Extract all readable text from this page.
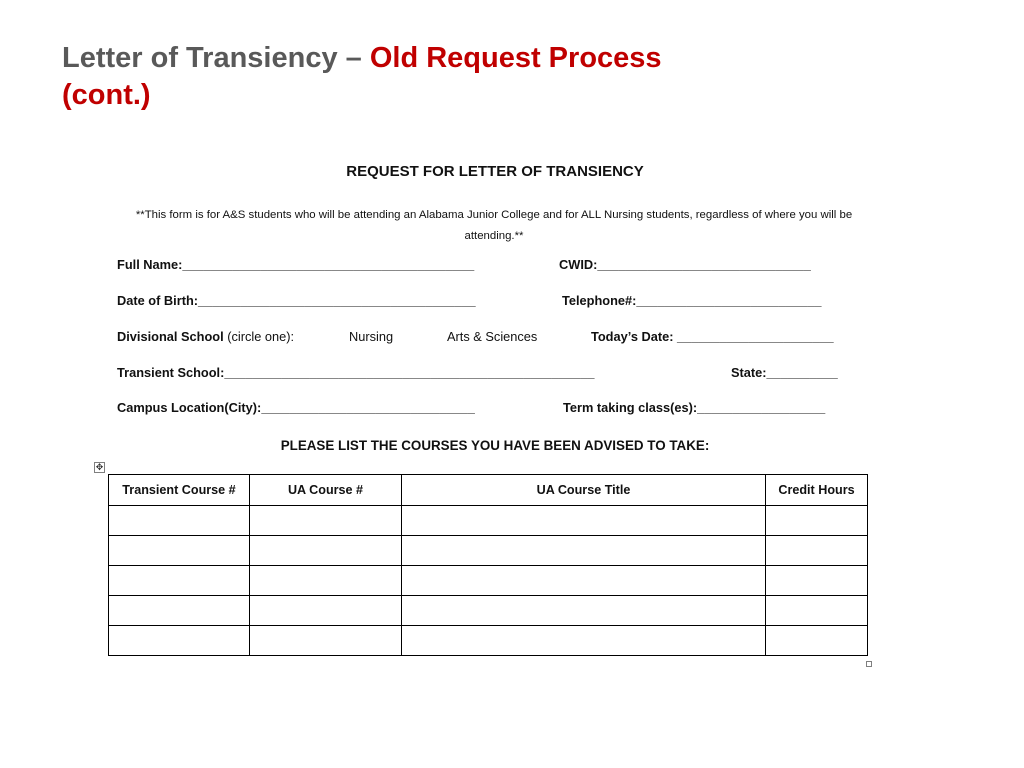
Letter of Transiency – Old Request Process
(cont.)
REQUEST FOR LETTER OF TRANSIENCY
**This form is for A&S students who will be attending an Alabama Junior College and for ALL Nursing students, regardless of where you will be attending.**
Full Name:_________________________________________	CWID:______________________________
Date of Birth:_______________________________________	Telephone#:__________________________
Divisional School (circle one):	Nursing	Arts & Sciences	Today’s Date: ______________________
Transient School:____________________________________________________	State:__________
Campus Location(City):______________________________	Term taking class(es):__________________
PLEASE LIST THE COURSES YOU HAVE BEEN ADVISED TO TAKE:
✥
Transient Course #	UA Course #	UA Course Title	Credit Hours
